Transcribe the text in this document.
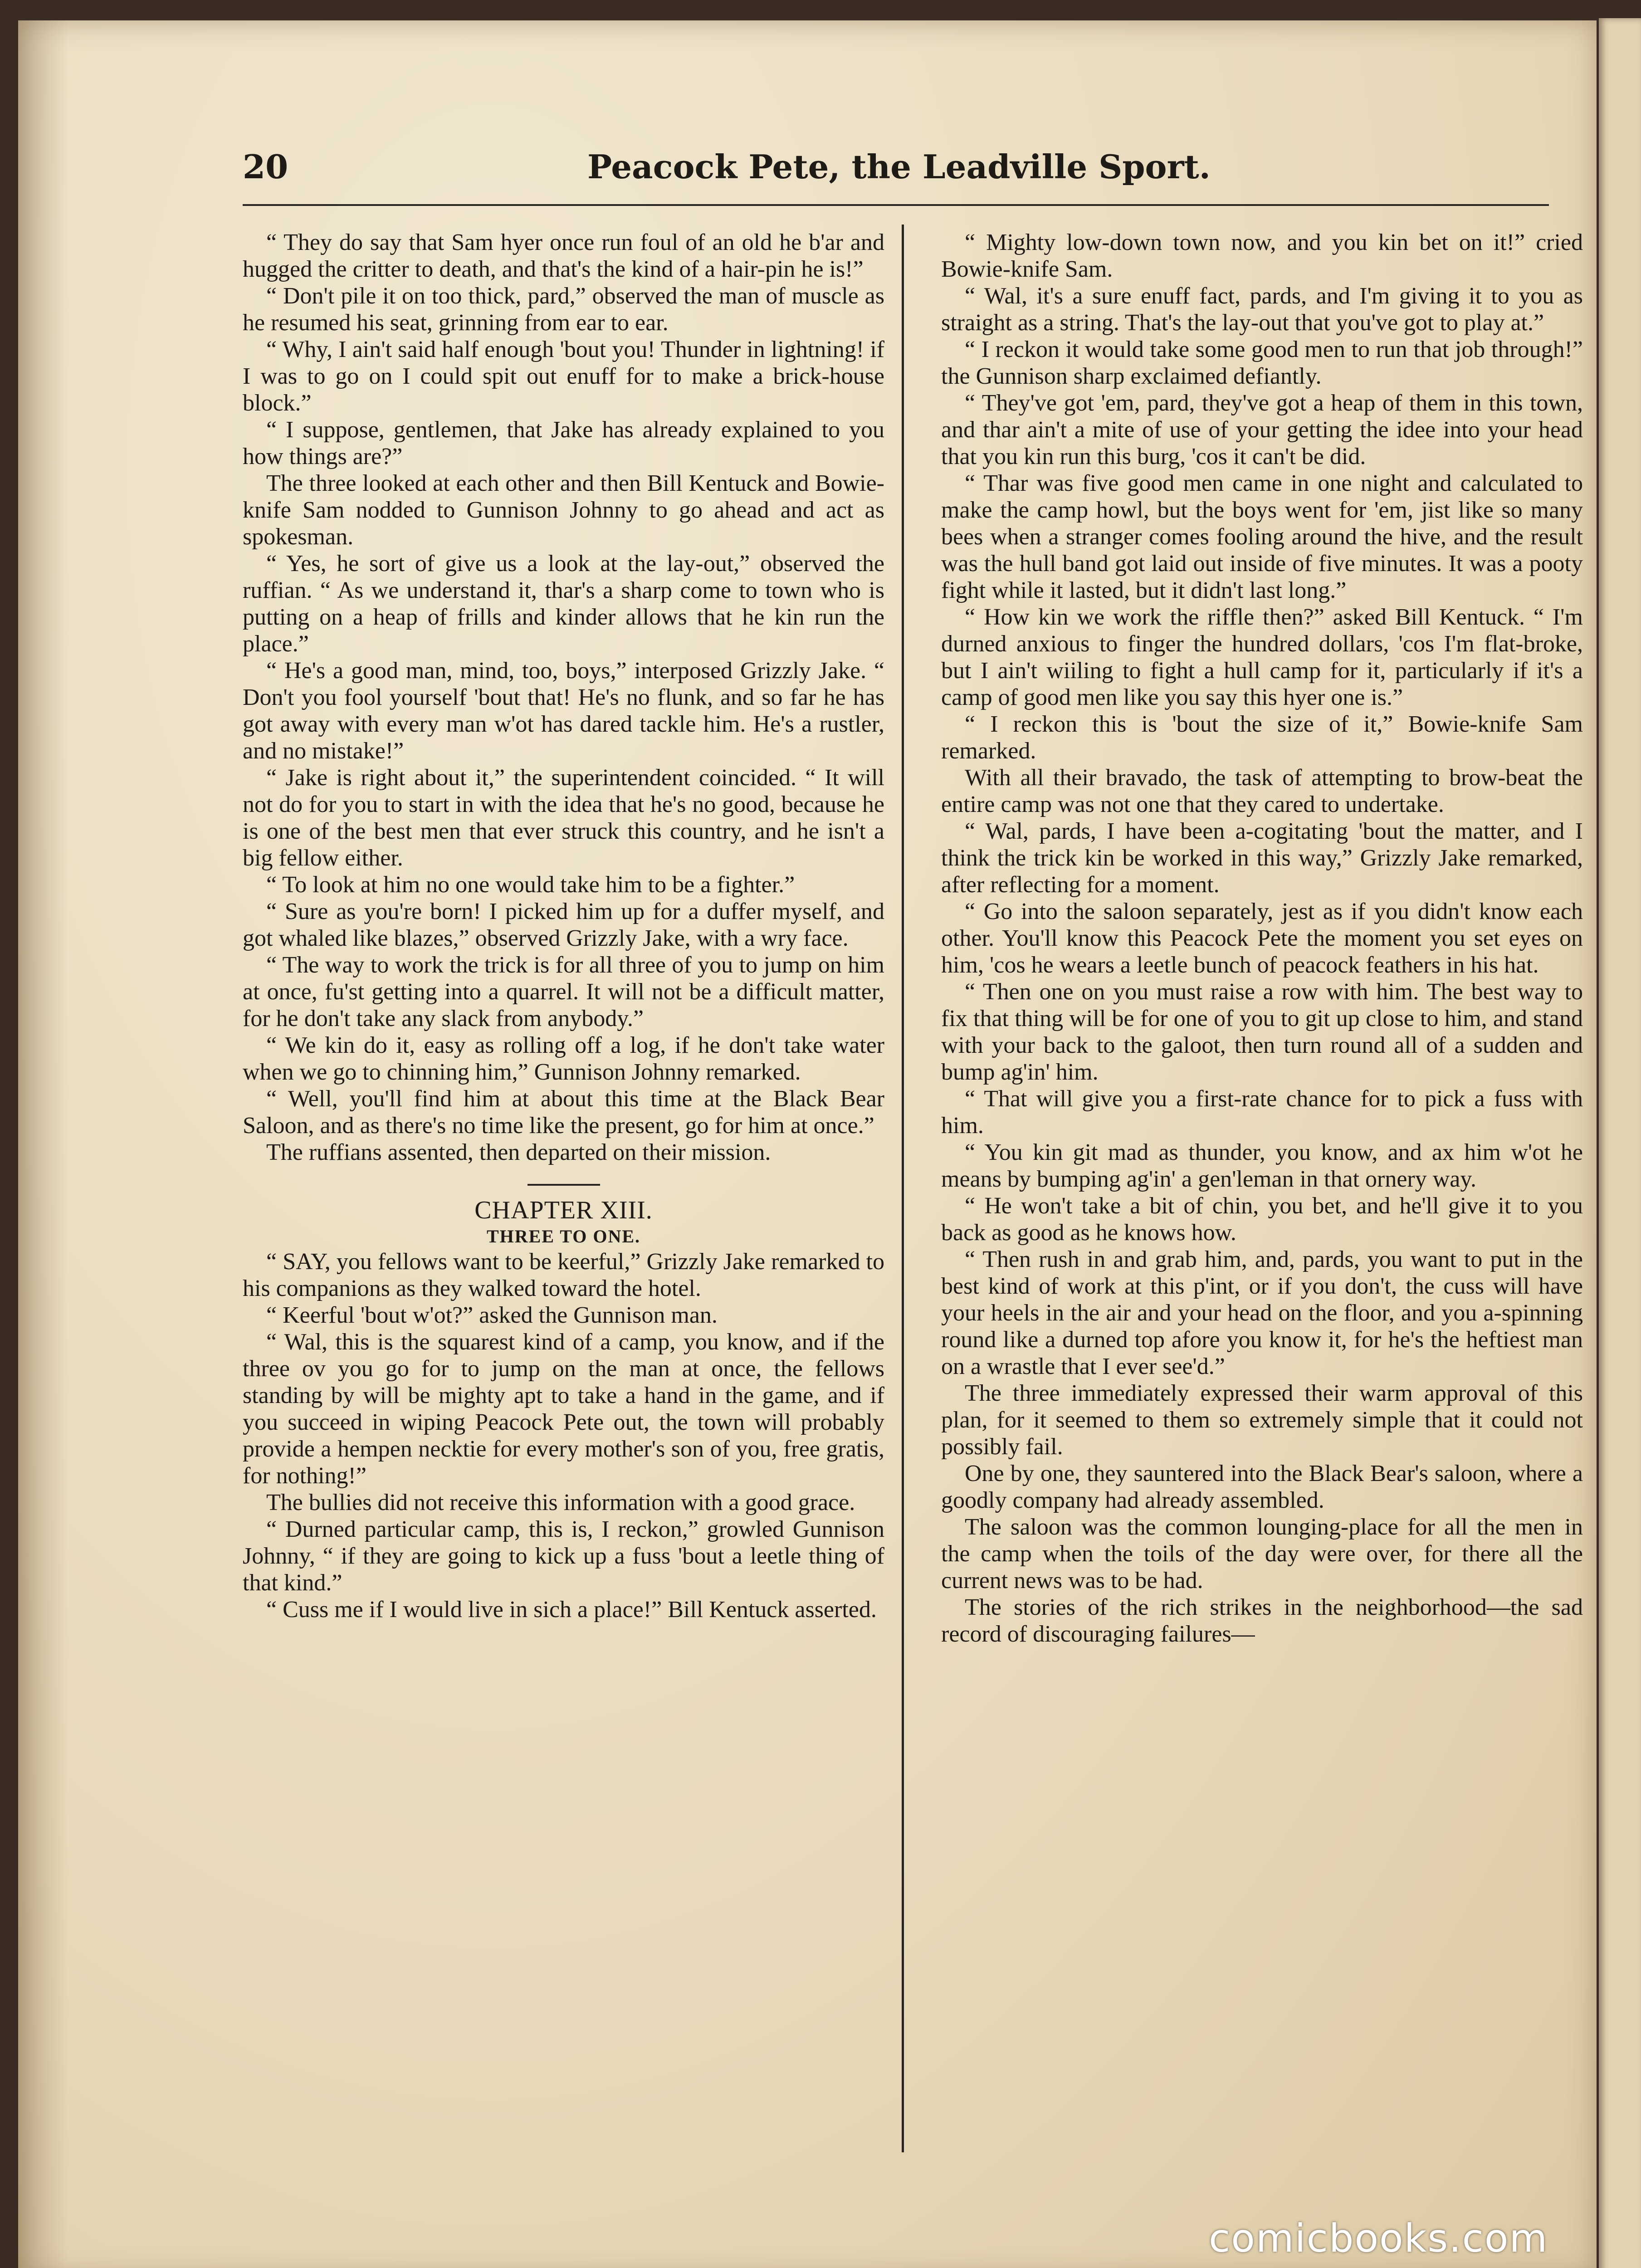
20	Peacock Pete, the Leadville Sport.

“ They do say that Sam hyer once run foul of an old he b'ar and hugged the critter to death, and that's the kind of a hair-pin he is!”

“ Don't pile it on too thick, pard,” observed the man of muscle as he resumed his seat, grinning from ear to ear.

“ Why, I ain't said half enough 'bout you! Thunder in lightning! if I was to go on I could spit out enuff for to make a brick-house block.”

“ I suppose, gentlemen, that Jake has already explained to you how things are?”

The three looked at each other and then Bill Kentuck and Bowie-knife Sam nodded to Gunnison Johnny to go ahead and act as spokesman.

“ Yes, he sort of give us a look at the lay-out,” observed the ruffian. “ As we understand it, thar's a sharp come to town who is putting on a heap of frills and kinder allows that he kin run the place.”

“ He's a good man, mind, too, boys,” interposed Grizzly Jake. “ Don't you fool yourself 'bout that! He's no flunk, and so far he has got away with every man w'ot has dared tackle him. He's a rustler, and no mistake!”

“ Jake is right about it,” the superintendent coincided. “ It will not do for you to start in with the idea that he's no good, because he is one of the best men that ever struck this country, and he isn't a big fellow either.

“ To look at him no one would take him to be a fighter.”

“ Sure as you're born! I picked him up for a duffer myself, and got whaled like blazes,” observed Grizzly Jake, with a wry face.

“ The way to work the trick is for all three of you to jump on him at once, fu'st getting into a quarrel. It will not be a difficult matter, for he don't take any slack from anybody.”

“ We kin do it, easy as rolling off a log, if he don't take water when we go to chinning him,” Gunnison Johnny remarked.

“ Well, you'll find him at about this time at the Black Bear Saloon, and as there's no time like the present, go for him at once.”

The ruffians assented, then departed on their mission.

CHAPTER XIII.

THREE TO ONE.

“ SAY, you fellows want to be keerful,” Grizzly Jake remarked to his companions as they walked toward the hotel.

“ Keerful 'bout w'ot?” asked the Gunnison man.

“ Wal, this is the squarest kind of a camp, you know, and if the three ov you go for to jump on the man at once, the fellows standing by will be mighty apt to take a hand in the game, and if you succeed in wiping Peacock Pete out, the town will probably provide a hempen necktie for every mother's son of you, free gratis, for nothing!”

The bullies did not receive this information with a good grace.

“ Durned particular camp, this is, I reckon,” growled Gunnison Johnny, “ if they are going to kick up a fuss 'bout a leetle thing of that kind.”

“ Cuss me if I would live in sich a place!” Bill Kentuck asserted.

“ Mighty low-down town now, and you kin bet on it!” cried Bowie-knife Sam.

“ Wal, it's a sure enuff fact, pards, and I'm giving it to you as straight as a string. That's the lay-out that you've got to play at.”

“ I reckon it would take some good men to run that job through!” the Gunnison sharp exclaimed defiantly.

“ They've got 'em, pard, they've got a heap of them in this town, and thar ain't a mite of use of your getting the idee into your head that you kin run this burg, 'cos it can't be did.

“ Thar was five good men came in one night and calculated to make the camp howl, but the boys went for 'em, jist like so many bees when a stranger comes fooling around the hive, and the result was the hull band got laid out inside of five minutes. It was a pooty fight while it lasted, but it didn't last long.”

“ How kin we work the riffle then?” asked Bill Kentuck. “ I'm durned anxious to finger the hundred dollars, 'cos I'm flat-broke, but I ain't wiiling to fight a hull camp for it, particularly if it's a camp of good men like you say this hyer one is.”

“ I reckon this is 'bout the size of it,” Bowie-knife Sam remarked.

With all their bravado, the task of attempting to brow-beat the entire camp was not one that they cared to undertake.

“ Wal, pards, I have been a-cogitating 'bout the matter, and I think the trick kin be worked in this way,” Grizzly Jake remarked, after reflecting for a moment.

“ Go into the saloon separately, jest as if you didn't know each other. You'll know this Peacock Pete the moment you set eyes on him, 'cos he wears a leetle bunch of peacock feathers in his hat.

“ Then one on you must raise a row with him. The best way to fix that thing will be for one of you to git up close to him, and stand with your back to the galoot, then turn round all of a sudden and bump ag'in' him.

“ That will give you a first-rate chance for to pick a fuss with him.

“ You kin git mad as thunder, you know, and ax him w'ot he means by bumping ag'in' a gen'leman in that ornery way.

“ He won't take a bit of chin, you bet, and he'll give it to you back as good as he knows how.

“ Then rush in and grab him, and, pards, you want to put in the best kind of work at this p'int, or if you don't, the cuss will have your heels in the air and your head on the floor, and you a-spinning round like a durned top afore you know it, for he's the heftiest man on a wrastle that I ever see'd.”

The three immediately expressed their warm approval of this plan, for it seemed to them so extremely simple that it could not possibly fail.

One by one, they sauntered into the Black Bear's saloon, where a goodly company had already assembled.

The saloon was the common lounging-place for all the men in the camp when the toils of the day were over, for there all the current news was to be had.

The stories of the rich strikes in the neighborhood—the sad record of discouraging failures—

comicbooks.com
